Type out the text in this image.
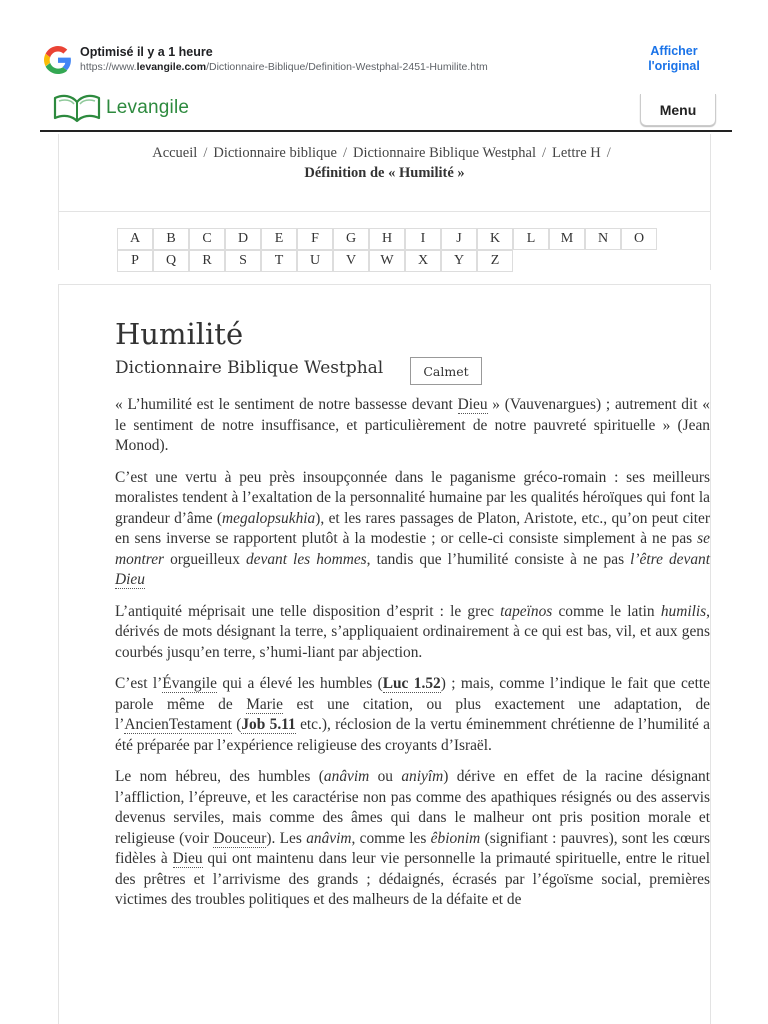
Optimisé il y a 1 heure
https://www.levangile.com/Dictionnaire-Biblique/Definition-Westphal-2451-Humilite.htm
Afficher
l'original
Levangile	Menu
Accueil / Dictionnaire biblique / Dictionnaire Biblique Westphal / Lettre H /
Définition de « Humilité »
A	B	C	D	E	F	G	H	I	J	K	L	M	N	O
P	Q	R	S	T	U	V	W	X	Y	Z
Humilité
Dictionnaire Biblique Westphal	Calmet

« L’humilité est le sentiment de notre bassesse devant Dieu » (Vauvenargues) ; autrement dit « le sentiment de notre insuffisance, et particulièrement de notre pauvreté spirituelle » (Jean Monod).

C’est une vertu à peu près insoupçonnée dans le paganisme gréco-romain : ses meilleurs moralistes tendent à l’exaltation de la personnalité humaine par les qualités héroïques qui font la grandeur d’âme (megalopsukhia), et les rares passages de Platon, Aristote, etc., qu’on peut citer en sens inverse se rapportent plutôt à la modestie ; or celle-ci consiste simplement à ne pas se montrer orgueilleux devant les hommes, tandis que l’humilité consiste à ne pas l’être devant Dieu

L’antiquité méprisait une telle disposition d’esprit : le grec tapeïnos comme le latin humilis, dérivés de mots désignant la terre, s’appliquaient ordinairement à ce qui est bas, vil, et aux gens courbés jusqu’en terre, s’humi-liant par abjection.

C’est l’Évangile qui a élevé les humbles (Luc 1.52) ; mais, comme l’indique le fait que cette parole même de Marie est une citation, ou plus exactement une adaptation, de l’AncienTestament (Job 5.11 etc.), réclosion de la vertu éminemment chrétienne de l’humilité a été préparée par l’expérience religieuse des croyants d’Israël.

Le nom hébreu, des humbles (anâvim ou aniyîm) dérive en effet de la racine désignant l’affliction, l’épreuve, et les caractérise non pas comme des apathiques résignés ou des asservis devenus serviles, mais comme des âmes qui dans le malheur ont pris position morale et religieuse (voir Douceur). Les anâvim, comme les êbionim (signifiant : pauvres), sont les cœurs fidèles à Dieu qui ont maintenu dans leur vie personnelle la primauté spirituelle, entre le rituel des prêtres et l’arrivisme des grands ; dédaignés, écrasés par l’égoïsme social, premières victimes des troubles politiques et des malheurs de la défaite et de
